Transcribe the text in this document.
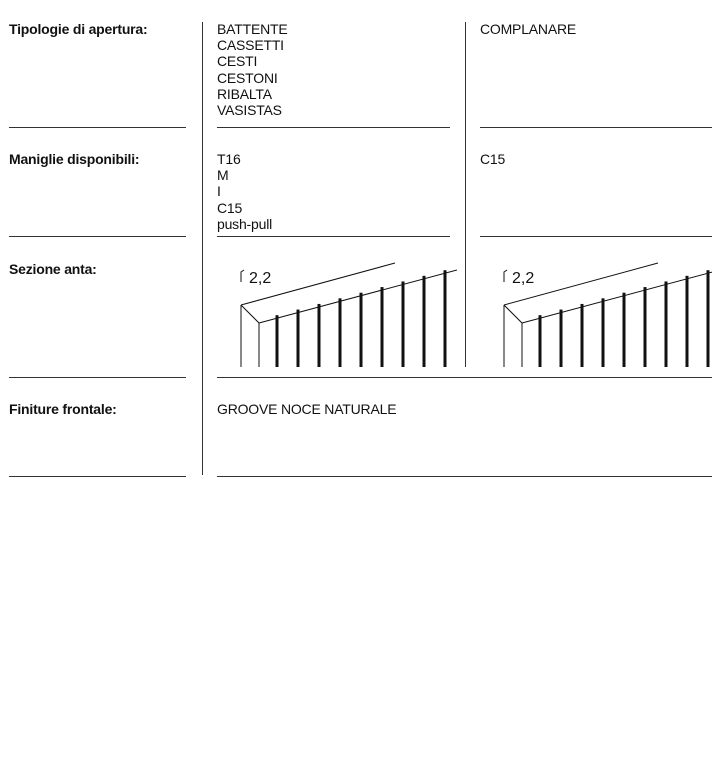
Tipologie di apertura:
Maniglie disponibili:
Sezione anta:
Finiture frontale:
BATTENTE
CASSETTI
CESTI
CESTONI
RIBALTA
VASISTAS
COMPLANARE
T16
M
I
C15
push-pull
C15
2,2	2,2
GROOVE NOCE NATURALE
